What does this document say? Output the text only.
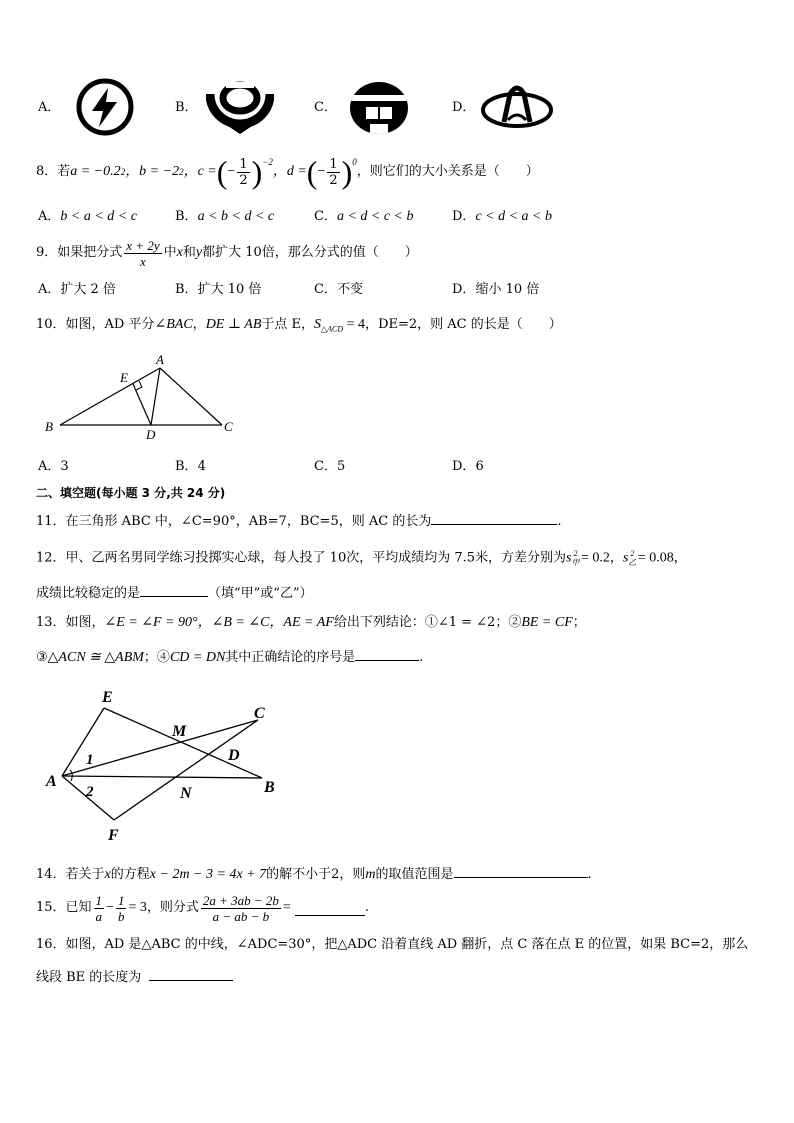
A．	B．	C．	D．
8．若 a = −0.2 2 ，b = −2 2 ，c = ( − $\frac{1}{2} )^{-2}$
，d = ( − $\frac{1}{2} )^0$
，则它们的大小关系是（　　）
A．b < a < d < c	B．a < b < d < c	C．a < d < c < b	D．c < d < a < b
9．如果把分式 $\frac{x + 2y}{x}$ 中 x 和 y 都扩大 10倍，那么分式的值（　　）
A．扩大 2 倍	B．扩大 10 倍	C．不变	D．缩小 10 倍
10．如图，AD 平分∠BAC，DE ⊥ AB于点 E，$S_{\triangle ACD} = 4$，DE=2，则 AC 的长是（　　）
A
E
B
D
C
A．3	B．4	C．5	D．6
二、填空题(每小题 3 分,共 24 分)
11．在三角形 ABC 中，∠C=90°，AB=7，BC=5，则 AC 的长为	.
12．甲、乙两名男同学练习投掷实心球，每人投了 10次，平均成绩均为 7.5米，方差分别为$s_甲^2 = 0.2$，$s_乙^2 = 0.08$，
成绩比较稳定的是	（填“甲”或“乙”）
13．如图，∠E = ∠F = 90°，∠B = ∠C，AE = AF给出下列结论：①∠1 = ∠2；②BE = CF；
③△ACN ≅ △ABM；④CD = DN其中正确结论的序号是	.
E
M
C
D
A
1
2	N	B
F
14．若关于x的方程x − 2m − 3 = 4x + 7的解不小于2，则m的取值范围是	.
15．已知 $\frac{1}{a} - \frac{1}{b} = 3$ ，则分式 $\frac{2a + 3ab - 2b}{a - ab - b}$ =	.
16．如图，AD 是△ABC 的中线，∠ADC=30°，把△ADC 沿着直线 AD 翻折，点 C 落在点 E 的位置，如果 BC=2，那么
线段 BE 的长度为
